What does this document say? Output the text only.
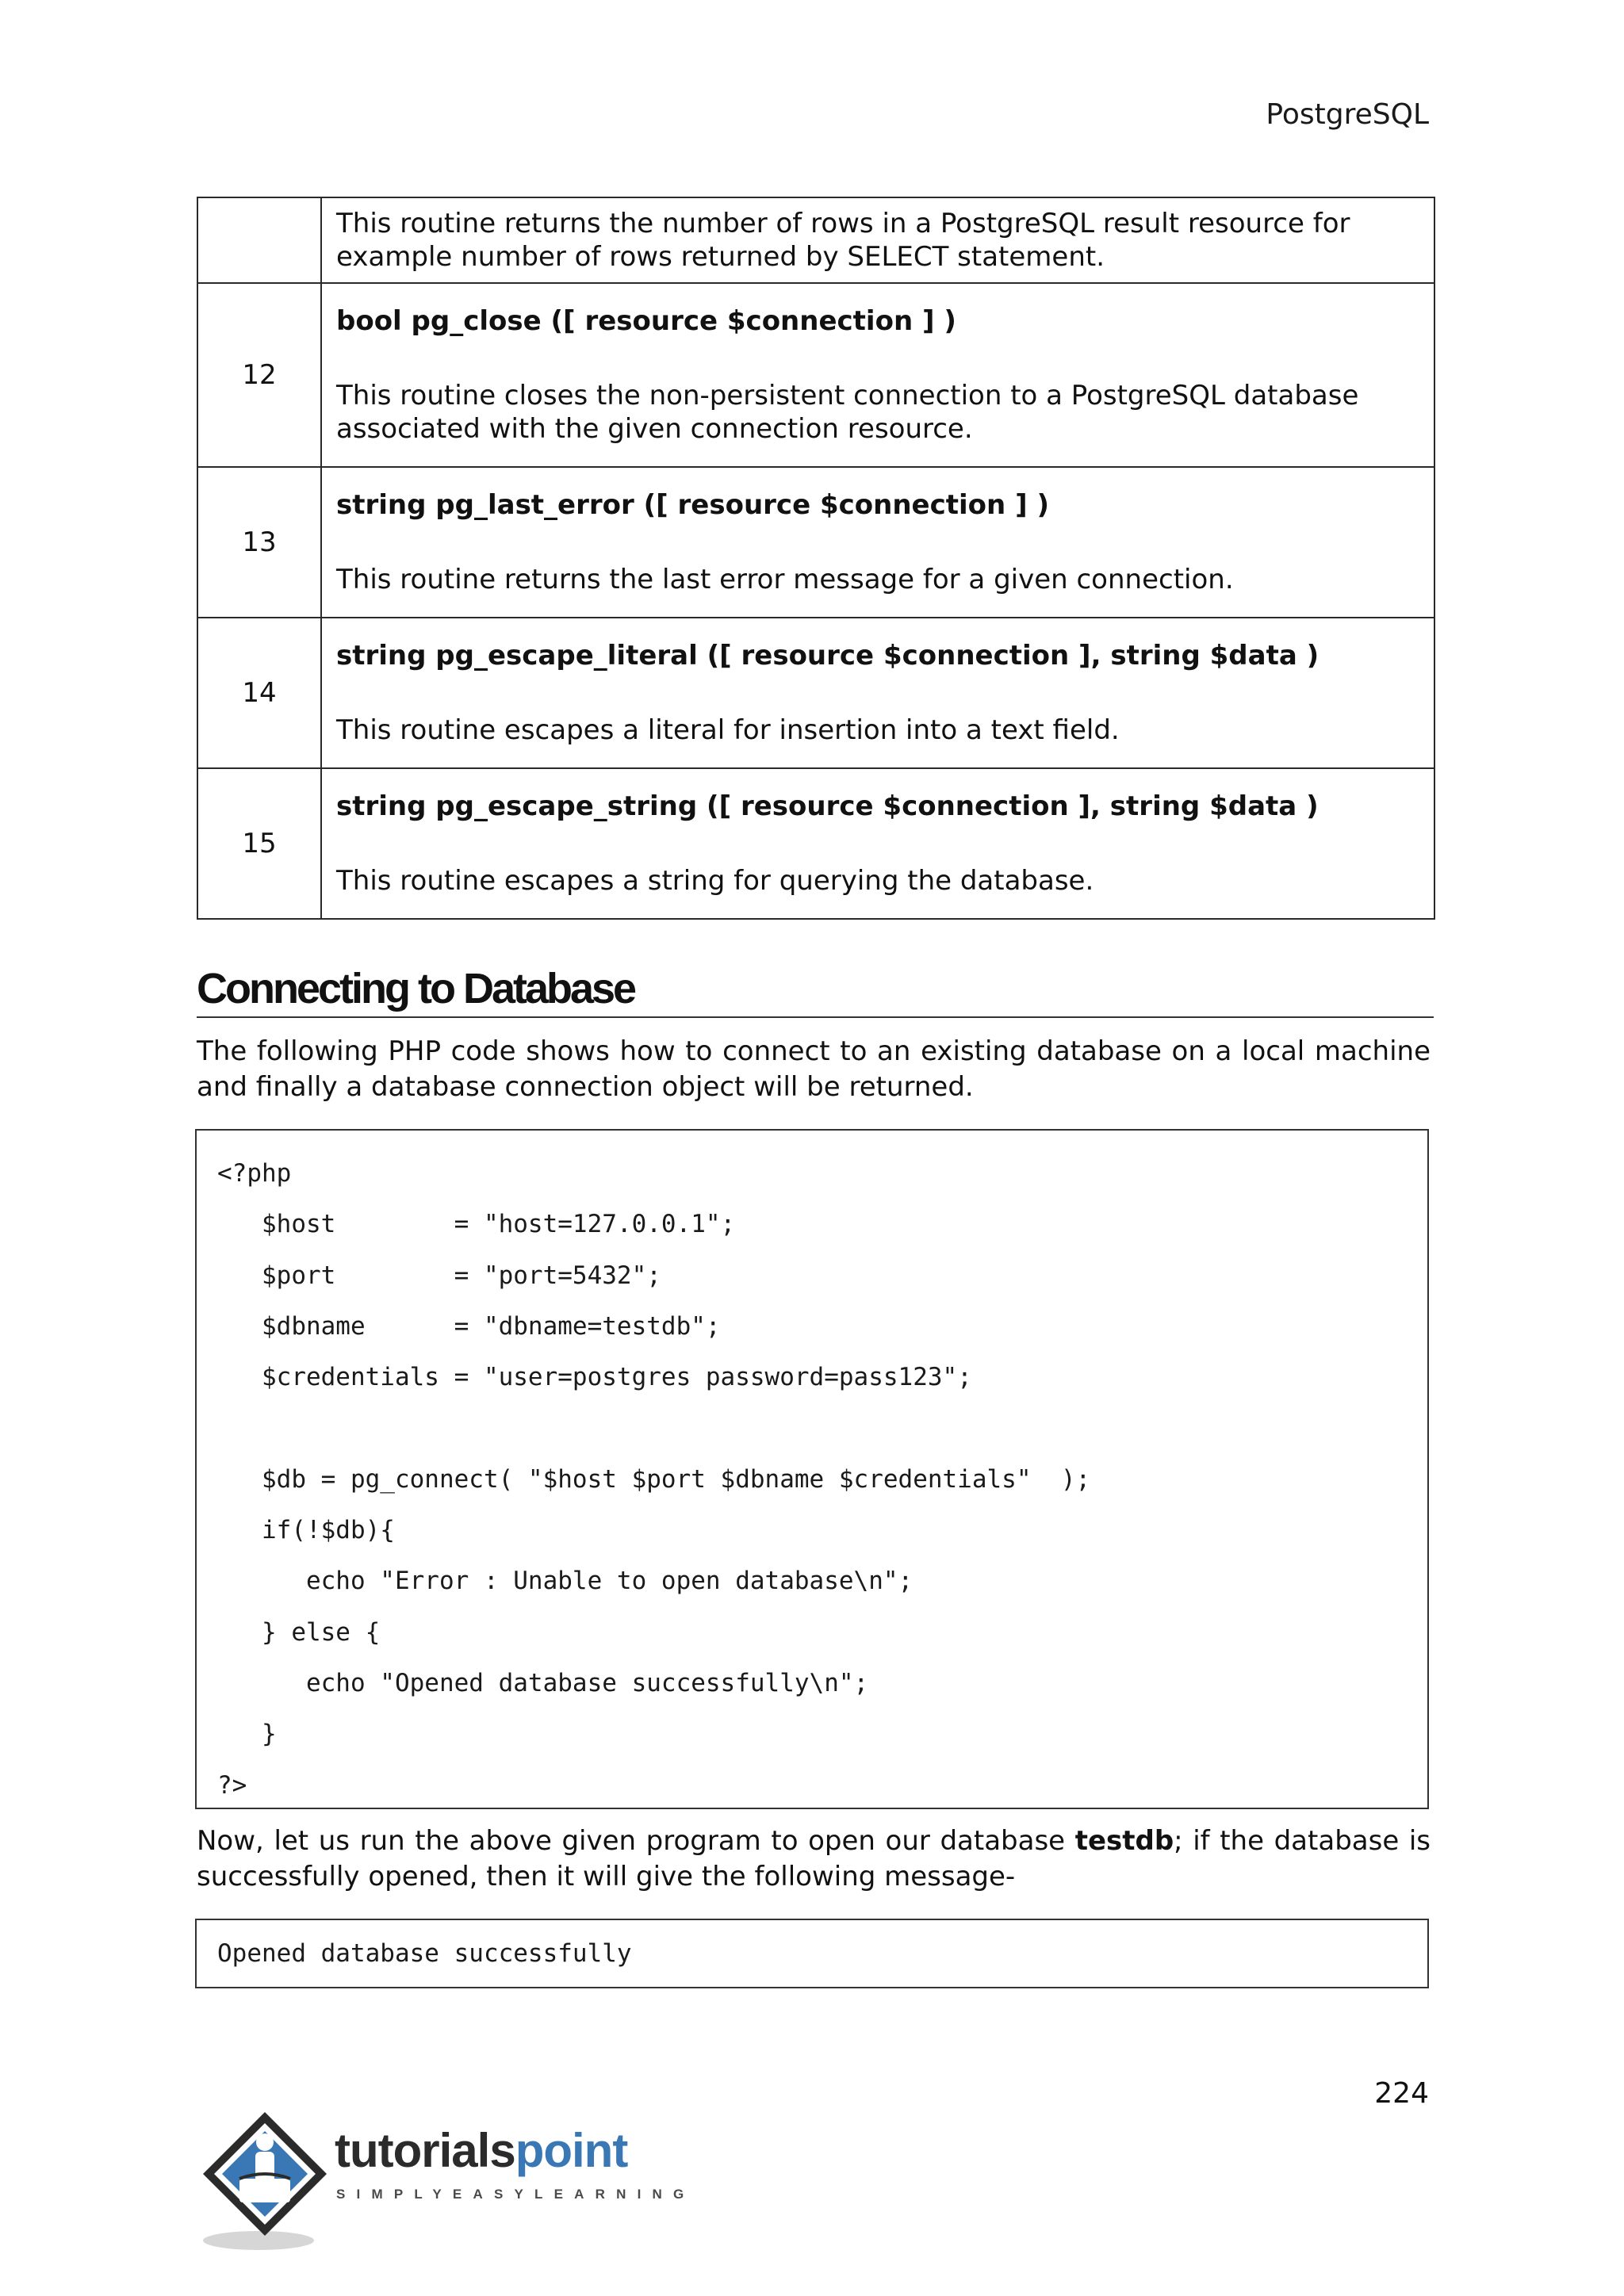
PostgreSQL
	This routine returns the number of rows in a PostgreSQL result resource for example number of rows returned by SELECT statement.
12	bool pg_close ([ resource $connection ] )
This routine closes the non-persistent connection to a PostgreSQL database associated with the given connection resource.

13	string pg_last_error ([ resource $connection ] )
This routine returns the last error message for a given connection.

14	string pg_escape_literal ([ resource $connection ], string $data )
This routine escapes a literal for insertion into a text field.

15	string pg_escape_string ([ resource $connection ], string $data )
This routine escapes a string for querying the database.
Connecting to Database
The following PHP code shows how to connect to an existing database on a local machine and finally a database connection object will be returned.
<?php
$host        = "host=127.0.0.1";
$port        = "port=5432";
$dbname      = "dbname=testdb";
$credentials = "user=postgres password=pass123";
$db = pg_connect( "$host $port $dbname $credentials"  );
if(!$db){
echo "Error : Unable to open database\n";
} else {
echo "Opened database successfully\n";
}
?>
Now, let us run the above given program to open our database testdb; if the database is successfully opened, then it will give the following message-
Opened database successfully
224
tutorialspoint
SIMPLYEASYLEARNING
